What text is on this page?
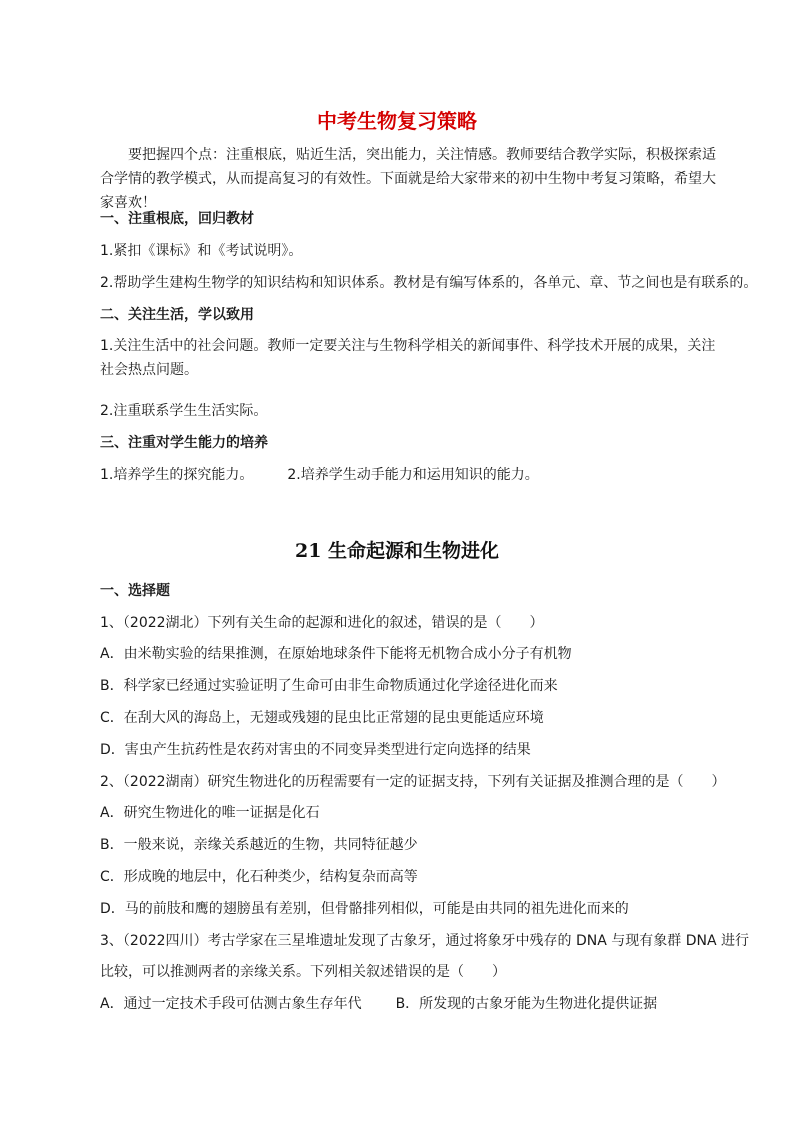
中考生物复习策略
要把握四个点：注重根底，贴近生活，突出能力，关注情感。教师要结合教学实际，积极探索适合学情的教学模式，从而提高复习的有效性。下面就是给大家带来的初中生物中考复习策略，希望大家喜欢！
一、注重根底，回归教材
1.紧扣《课标》和《考试说明》。
2.帮助学生建构生物学的知识结构和知识体系。教材是有编写体系的，各单元、章、节之间也是有联系的。
二、关注生活，学以致用
1.关注生活中的社会问题。教师一定要关注与生物科学相关的新闻事件、科学技术开展的成果，关注社会热点问题。
2.注重联系学生生活实际。
三、注重对学生能力的培养
1.培养学生的探究能力。 2.培养学生动手能力和运用知识的能力。
21 生命起源和生物进化
一、选择题
1、（2022湖北）下列有关生命的起源和进化的叙述，错误的是（　　）
A．由米勒实验的结果推测，在原始地球条件下能将无机物合成小分子有机物
B．科学家已经通过实验证明了生命可由非生命物质通过化学途径进化而来
C．在刮大风的海岛上，无翅或残翅的昆虫比正常翅的昆虫更能适应环境
D．害虫产生抗药性是农药对害虫的不同变异类型进行定向选择的结果
2、（2022湖南）研究生物进化的历程需要有一定的证据支持，下列有关证据及推测合理的是（　　）
A．研究生物进化的唯一证据是化石
B．一般来说，亲缘关系越近的生物，共同特征越少
C．形成晚的地层中，化石种类少，结构复杂而高等
D．马的前肢和鹰的翅膀虽有差别，但骨骼排列相似，可能是由共同的祖先进化而来的
3、（2022四川）考古学家在三星堆遗址发现了古象牙，通过将象牙中残存的 DNA 与现有象群 DNA 进行
比较，可以推测两者的亲缘关系。下列相关叙述错误的是（　　）
A．通过一定技术手段可估测古象生存年代 B．所发现的古象牙能为生物进化提供证据
